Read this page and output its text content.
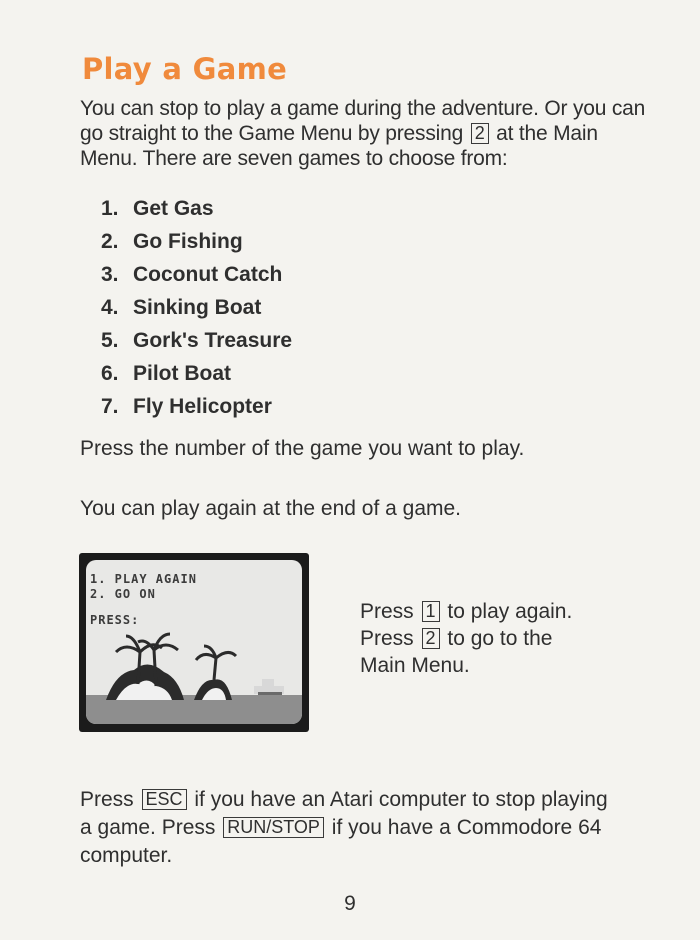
Play a Game
You can stop to play a game during the adventure. Or you can go straight to the Game Menu by pressing 2 at the Main Menu. There are seven games to choose from:
1. Get Gas
2. Go Fishing
3. Coconut Catch
4. Sinking Boat
5. Gork's Treasure
6. Pilot Boat
7. Fly Helicopter
Press the number of the game you want to play.
You can play again at the end of a game.
1. PLAY AGAIN
2. GO ON
PRESS:	Press 1 to play again.
Press 2 to go to the
Main Menu.
Press ESC if you have an Atari computer to stop playing a game. Press RUN/STOP if you have a Commodore 64 computer.
9
